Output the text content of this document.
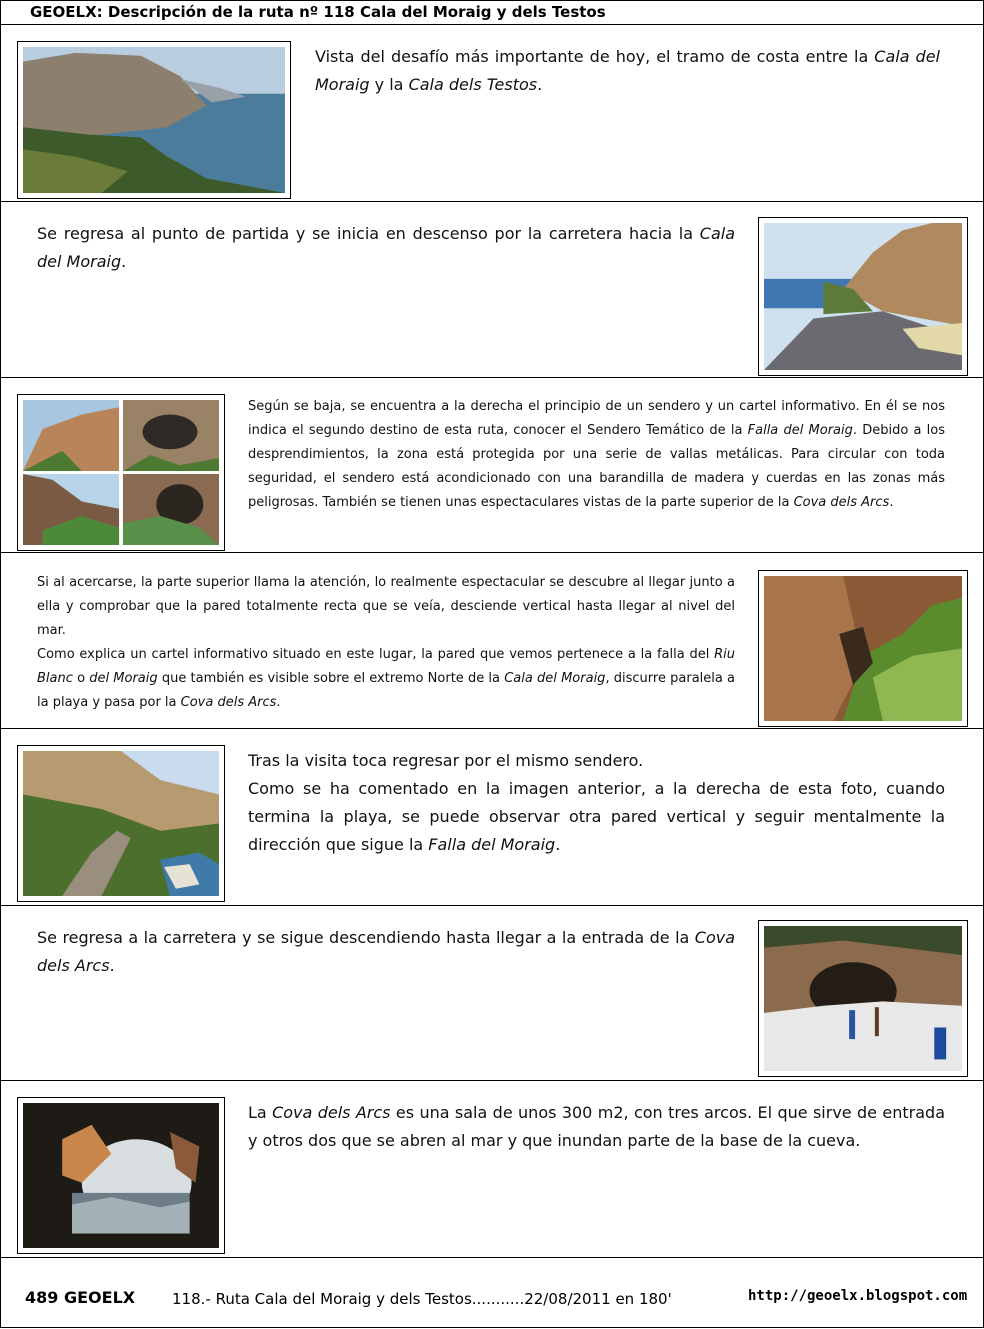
GEOELX: Descripción de la ruta nº 118 Cala del Moraig y dels Testos
Vista del desafío más importante de hoy, el tramo de costa entre la Cala del Moraig y la Cala dels Testos.
Se regresa al punto de partida y se inicia en descenso por la carretera hacia la Cala del Moraig.
Según se baja, se encuentra a la derecha el principio de un sendero y un cartel informativo. En él se nos indica el segundo destino de esta ruta, conocer el Sendero Temático de la Falla del Moraig. Debido a los desprendimientos, la zona está protegida por una serie de vallas metálicas. Para circular con toda seguridad, el sendero está acondicionado con una barandilla de madera y cuerdas en las zonas más peligrosas. También se tienen unas espectaculares vistas de la parte superior de la Cova dels Arcs.

Si al acercarse, la parte superior llama la atención, lo realmente espectacular se descubre al llegar junto a ella y comprobar que la pared totalmente recta que se veía, desciende vertical hasta llegar al nivel del mar.

Como explica un cartel informativo situado en este lugar, la pared que vemos pertenece a la falla del Riu Blanc o del Moraig que también es visible sobre el extremo Norte de la Cala del Moraig, discurre paralela a la playa y pasa por la Cova dels Arcs.

Tras la visita toca regresar por el mismo sendero.

Como se ha comentado en la imagen anterior, a la derecha de esta foto, cuando termina la playa, se puede observar otra pared vertical y seguir mentalmente la dirección que sigue la Falla del Moraig.

Se regresa a la carretera y se sigue descendiendo hasta llegar a la entrada de la Cova dels Arcs.
La Cova dels Arcs es una sala de unos 300 m2, con tres arcos. El que sirve de entrada y otros dos que se abren al mar y que inundan parte de la base de la cueva.
489 GEOELX 118.- Ruta Cala del Moraig y dels Testos...........22/08/2011 en 180'	http://geoelx.blogspot.com
